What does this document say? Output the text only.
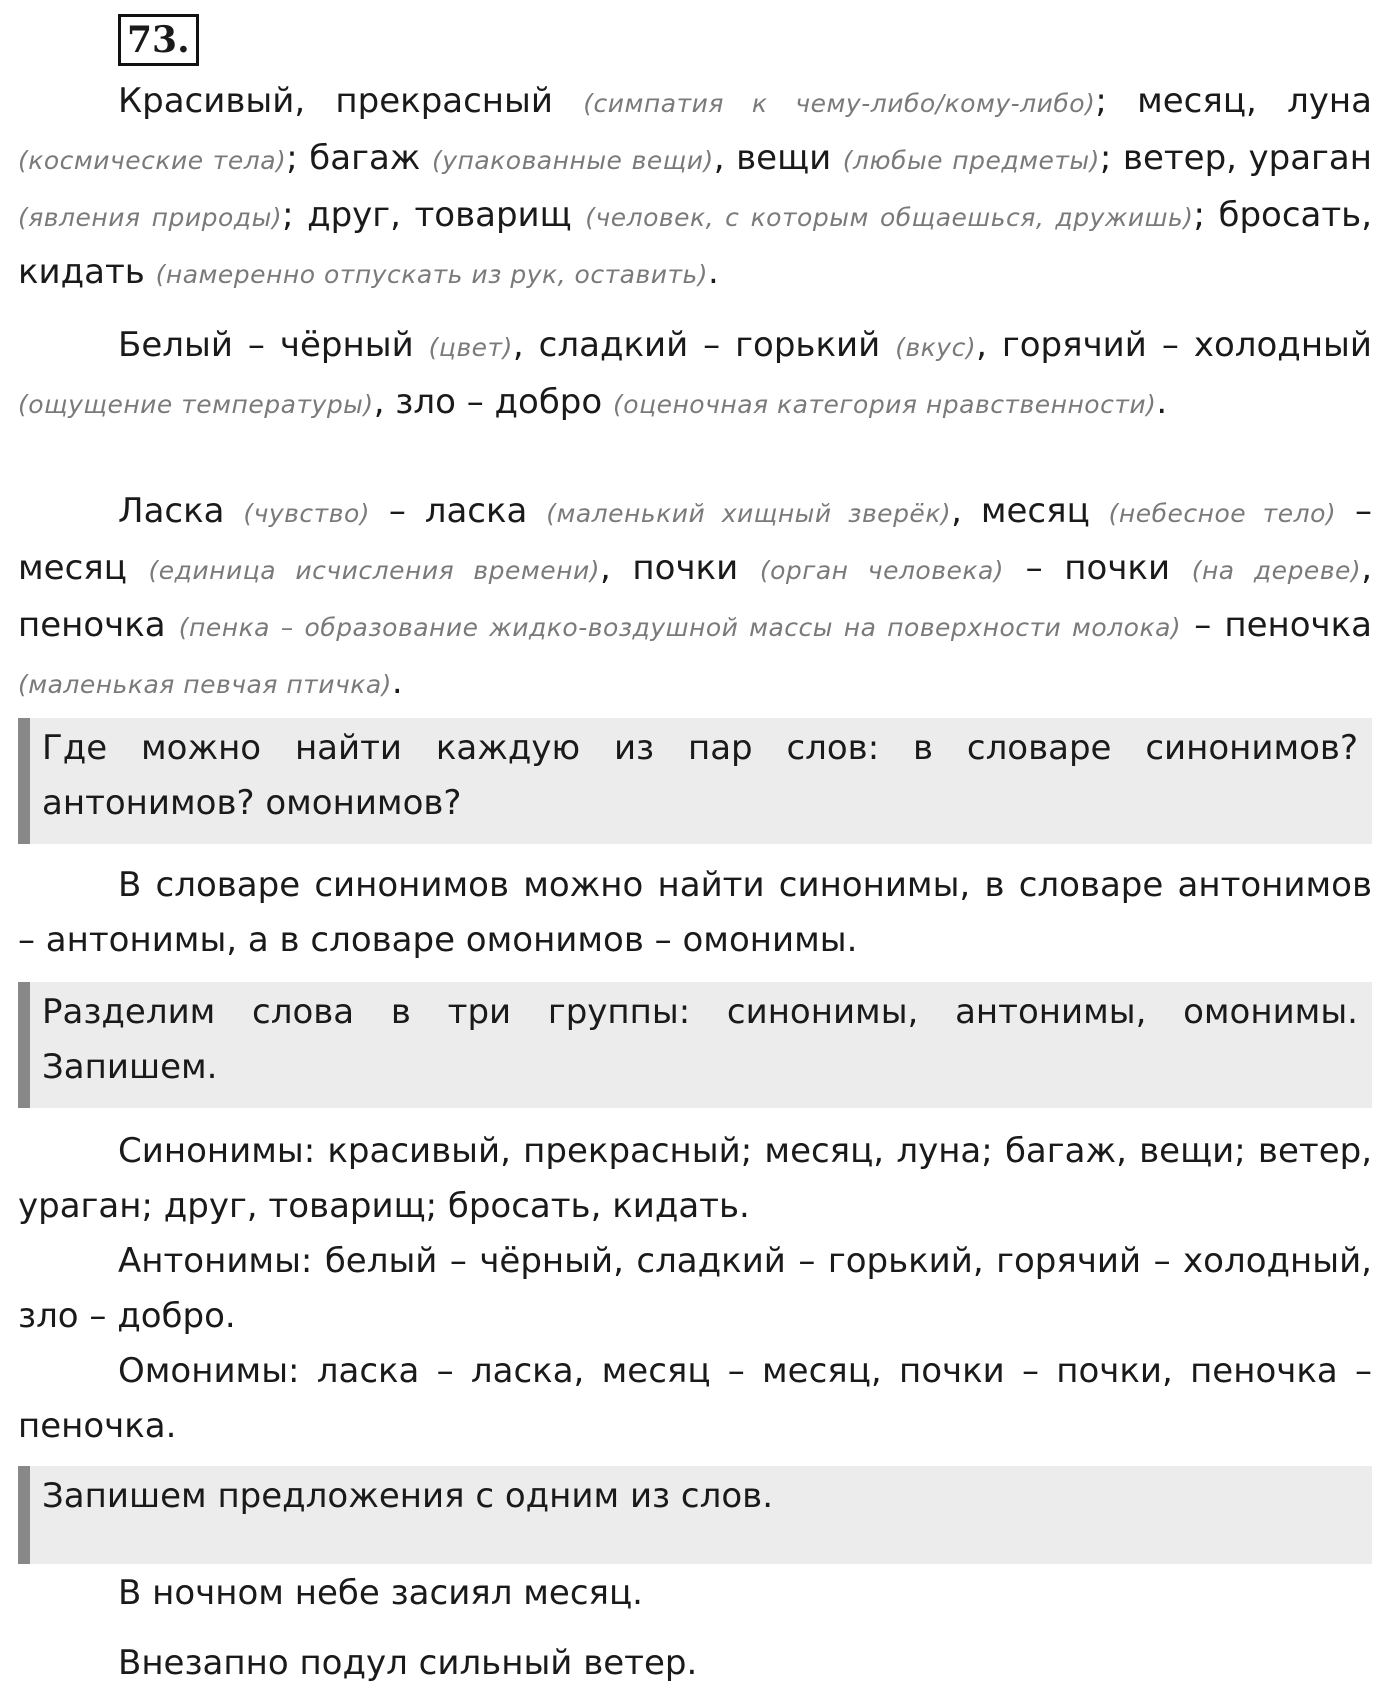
73.
Красивый, прекрасный (симпатия к чему-либо/кому-либо); месяц, луна (космические тела); багаж (упакованные вещи), вещи (любые предметы); ветер, ураган (явления природы); друг, товарищ (человек, с которым общаешься, дружишь); бросать, кидать (намеренно отпускать из рук, оставить).
Белый – чёрный (цвет), сладкий – горький (вкус), горячий – холодный (ощущение температуры), зло – добро (оценочная категория нравственности).
Ласка (чувство) – ласка (маленький хищный зверёк), месяц (небесное тело) – месяц (единица исчисления времени), почки (орган человека) – почки (на дереве), пеночка (пенка – образование жидко-воздушной массы на поверхности молока) – пеночка (маленькая певчая птичка).
Где можно найти каждую из пар слов: в словаре синонимов? антонимов? омонимов?
В словаре синонимов можно найти синонимы, в словаре антонимов – антонимы, а в словаре омонимов – омонимы.
Разделим слова в три группы: синонимы, антонимы, омонимы. Запишем.
Синонимы: красивый, прекрасный; месяц, луна; багаж, вещи; ветер, ураган; друг, товарищ; бросать, кидать.
Антонимы: белый – чёрный, сладкий – горький, горячий – холодный, зло – добро.
Омонимы: ласка – ласка, месяц – месяц, почки – почки, пеночка – пеночка.
Запишем предложения с одним из слов.
В ночном небе засиял месяц.
Внезапно подул сильный ветер.
